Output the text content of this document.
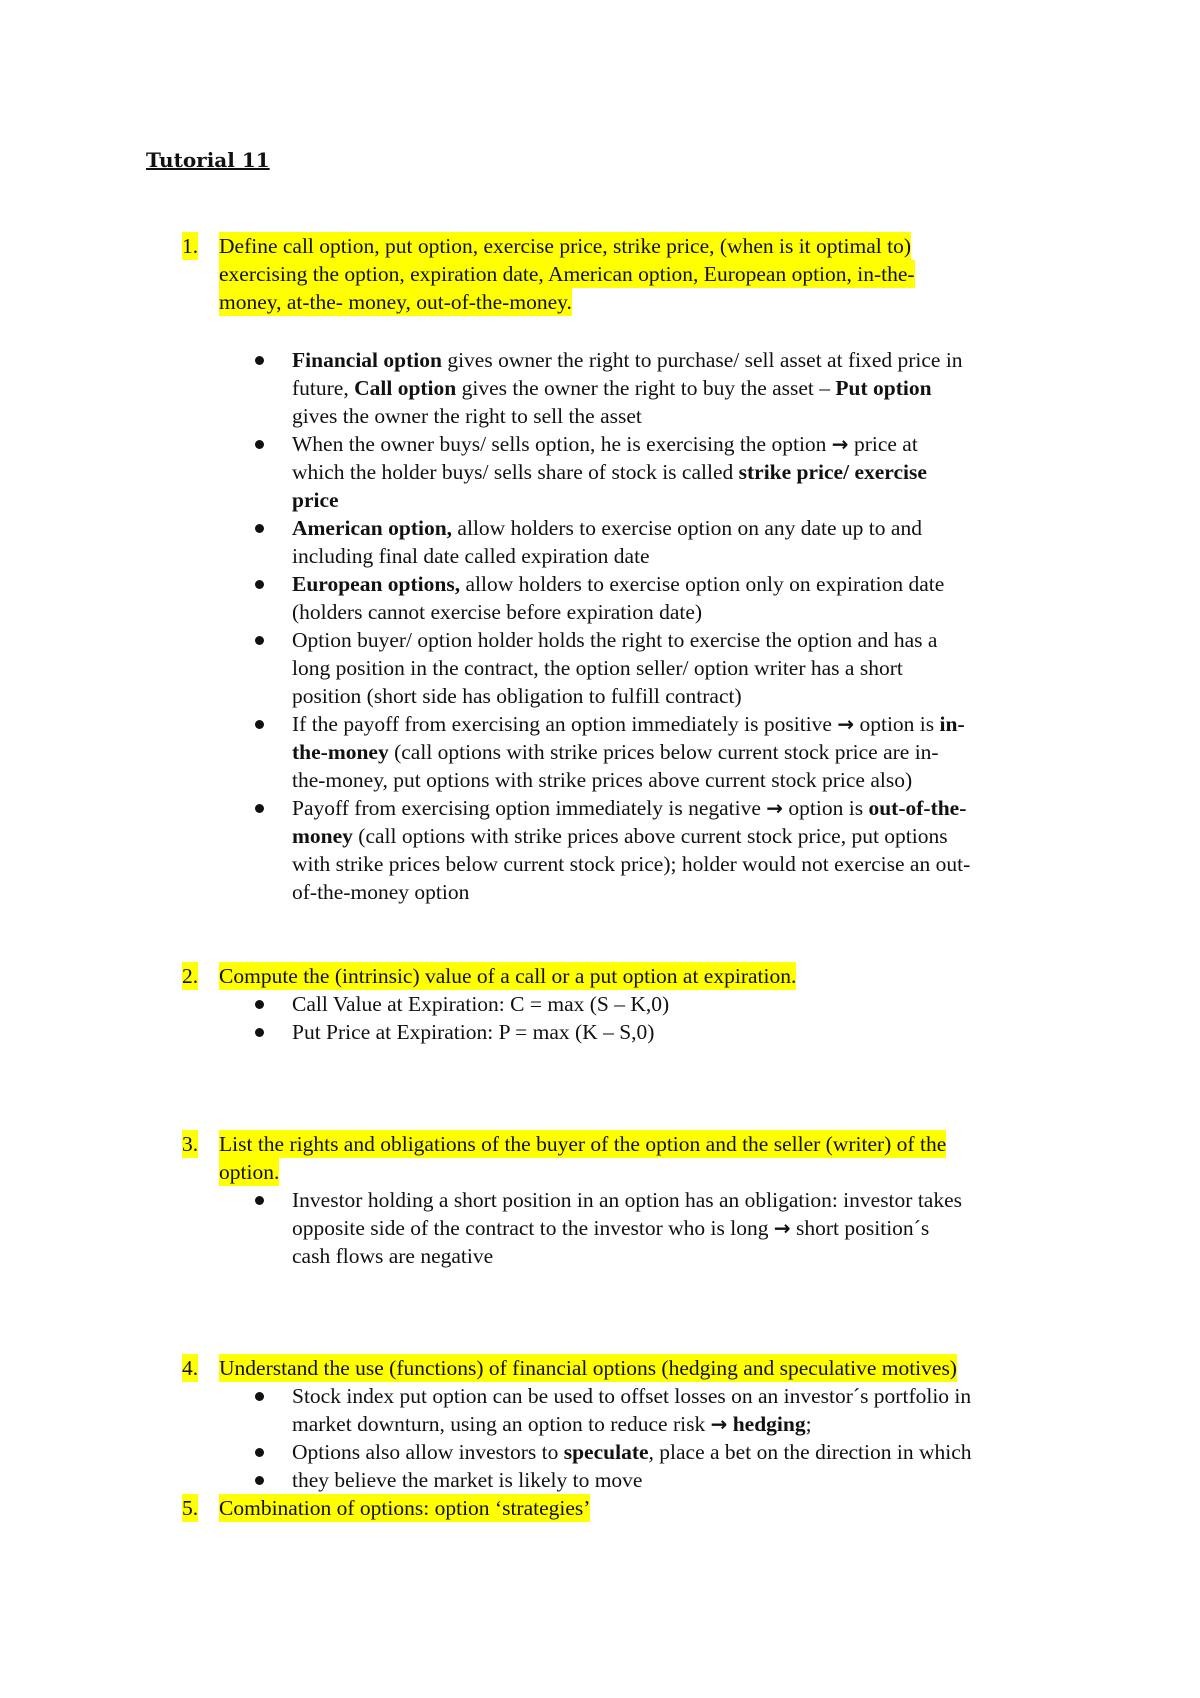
Tutorial 11
1. Define call option, put option, exercise price, strike price, (when is it optimal to)
exercising the option, expiration date, American option, European option, in-the-
money, at-the- money, out-of-the-money.
Financial option gives owner the right to purchase/ sell asset at fixed price in
future, Call option gives the owner the right to buy the asset – Put option
gives the owner the right to sell the asset
When the owner buys/ sells option, he is exercising the option → price at
which the holder buys/ sells share of stock is called strike price/ exercise
price
American option, allow holders to exercise option on any date up to and
including final date called expiration date
European options, allow holders to exercise option only on expiration date
(holders cannot exercise before expiration date)
Option buyer/ option holder holds the right to exercise the option and has a
long position in the contract, the option seller/ option writer has a short
position (short side has obligation to fulfill contract)
If the payoff from exercising an option immediately is positive → option is in-
the-money (call options with strike prices below current stock price are in-
the-money, put options with strike prices above current stock price also)
Payoff from exercising option immediately is negative → option is out-of-the-
money (call options with strike prices above current stock price, put options
with strike prices below current stock price); holder would not exercise an out-
of-the-money option
2. Compute the (intrinsic) value of a call or a put option at expiration.
Call Value at Expiration: C = max (S – K,0)
Put Price at Expiration: P = max (K – S,0)
3. List the rights and obligations of the buyer of the option and the seller (writer) of the
option.
Investor holding a short position in an option has an obligation: investor takes
opposite side of the contract to the investor who is long → short position´s
cash flows are negative
4. Understand the use (functions) of financial options (hedging and speculative motives)
Stock index put option can be used to offset losses on an investor´s portfolio in
market downturn, using an option to reduce risk → hedging;
Options also allow investors to speculate, place a bet on the direction in which
they believe the market is likely to move
5. Combination of options: option ‘strategies’
